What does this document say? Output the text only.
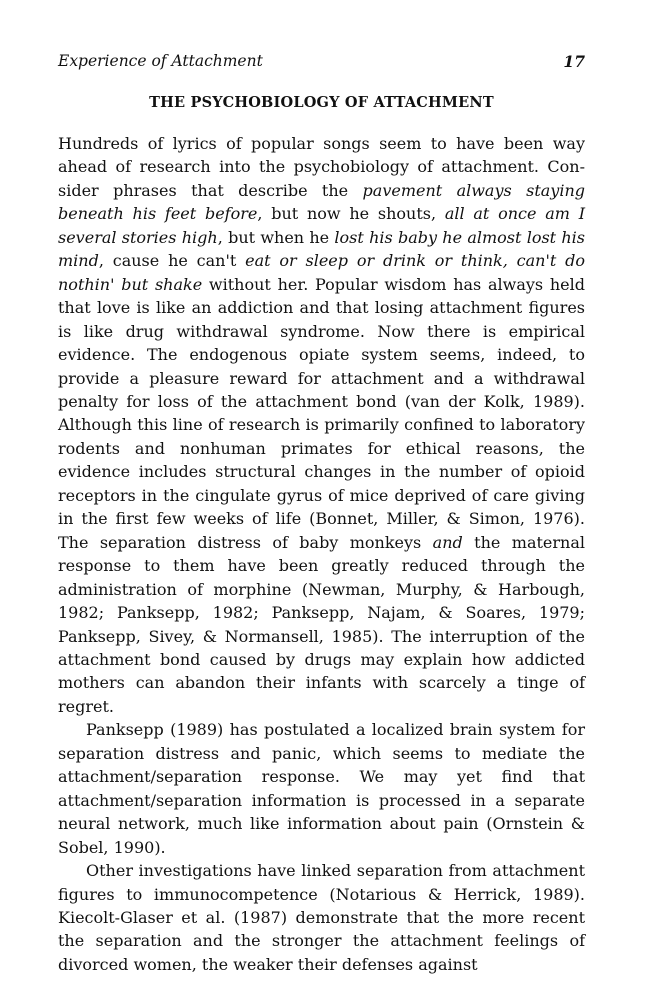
Experience of Attachment	17
THE PSYCHOBIOLOGY OF ATTACHMENT

Hundreds of lyrics of popular songs seem to have been way ahead of research into the psychobiology of attachment. Consider phrases that describe the pavement always staying beneath his feet before, but now he shouts, all at once am I several stories high, but when he lost his baby he almost lost his mind, cause he can't eat or sleep or drink or think, can't do nothin' but shake without her. Popular wisdom has always held that love is like an addiction and that losing attachment figures is like drug withdrawal syndrome. Now there is empirical evidence. The endogenous opiate system seems, indeed, to provide a pleasure reward for attachment and a withdrawal penalty for loss of the attachment bond (van der Kolk, 1989). Although this line of research is primarily confined to laboratory rodents and nonhuman primates for ethical reasons, the evidence includes structural changes in the number of opioid receptors in the cingulate gyrus of mice deprived of care giving in the first few weeks of life (Bonnet, Miller, & Simon, 1976). The separation distress of baby monkeys and the maternal response to them have been greatly reduced through the administration of morphine (Newman, Murphy, & Harbough, 1982; Panksepp, 1982; Panksepp, Najam, & Soares, 1979; Panksepp, Sivey, & Normansell, 1985). The interruption of the attachment bond caused by drugs may explain how addicted mothers can abandon their infants with scarcely a tinge of regret.

Panksepp (1989) has postulated a localized brain system for separation distress and panic, which seems to mediate the attachment/separation response. We may yet find that attachment/separation information is processed in a separate neural network, much like information about pain (Ornstein & Sobel, 1990).

Other investigations have linked separation from attachment figures to immunocompetence (Notarious & Herrick, 1989). Kiecolt-Glaser et al. (1987) demonstrate that the more recent the separation and the stronger the attachment feelings of divorced women, the weaker their defenses against
